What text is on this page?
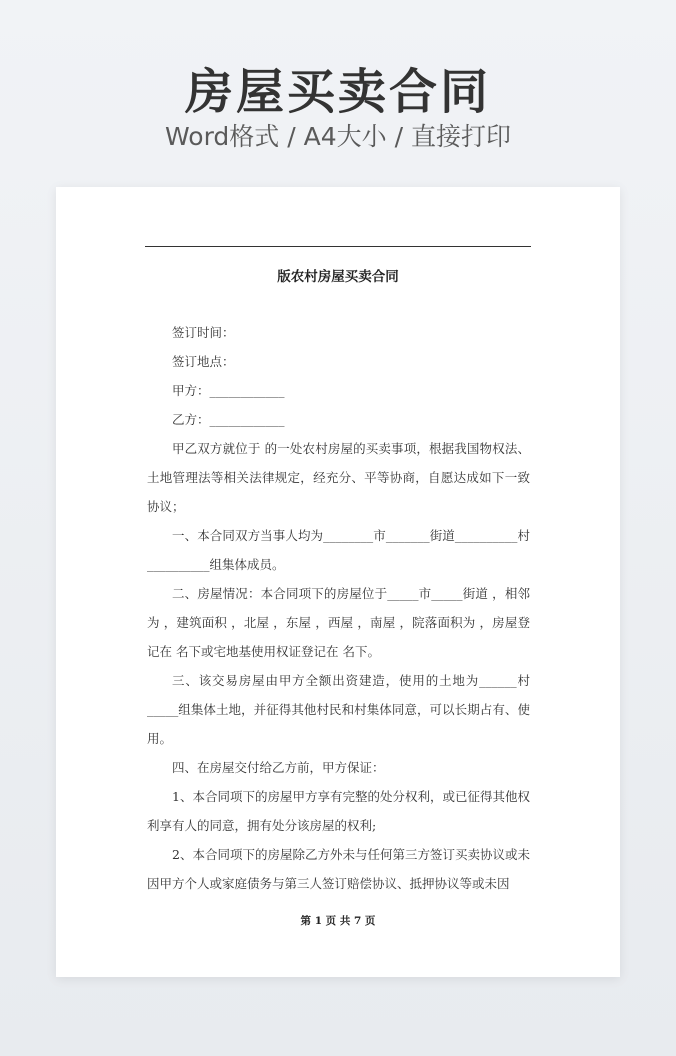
房屋买卖合同
Word格式 / A4大小 / 直接打印
版农村房屋买卖合同

签订时间：

签订地点：

甲方：____________

乙方：____________

甲乙双方就位于 的一处农村房屋的买卖事项，根据我国物权法、土地管理法等相关法律规定，经充分、平等协商，自愿达成如下一致协议；

一、本合同双方当事人均为________市_______街道__________村__________组集体成员。

二、房屋情况：本合同项下的房屋位于_____市_____街道 ，相邻为 ，建筑面积 ，北屋 ，东屋 ，西屋 ，南屋 ，院落面积为 ，房屋登记在 名下或宅地基使用权证登记在 名下。

三、该交易房屋由甲方全额出资建造，使用的土地为______村_____组集体土地，并征得其他村民和村集体同意，可以长期占有、使用。

四、在房屋交付给乙方前，甲方保证：

1、本合同项下的房屋甲方享有完整的处分权利，或已征得其他权利享有人的同意，拥有处分该房屋的权利;

2、本合同项下的房屋除乙方外未与任何第三方签订买卖协议或未因甲方个人或家庭债务与第三人签订赔偿协议、抵押协议等或未因

第 1 页 共 7 页
